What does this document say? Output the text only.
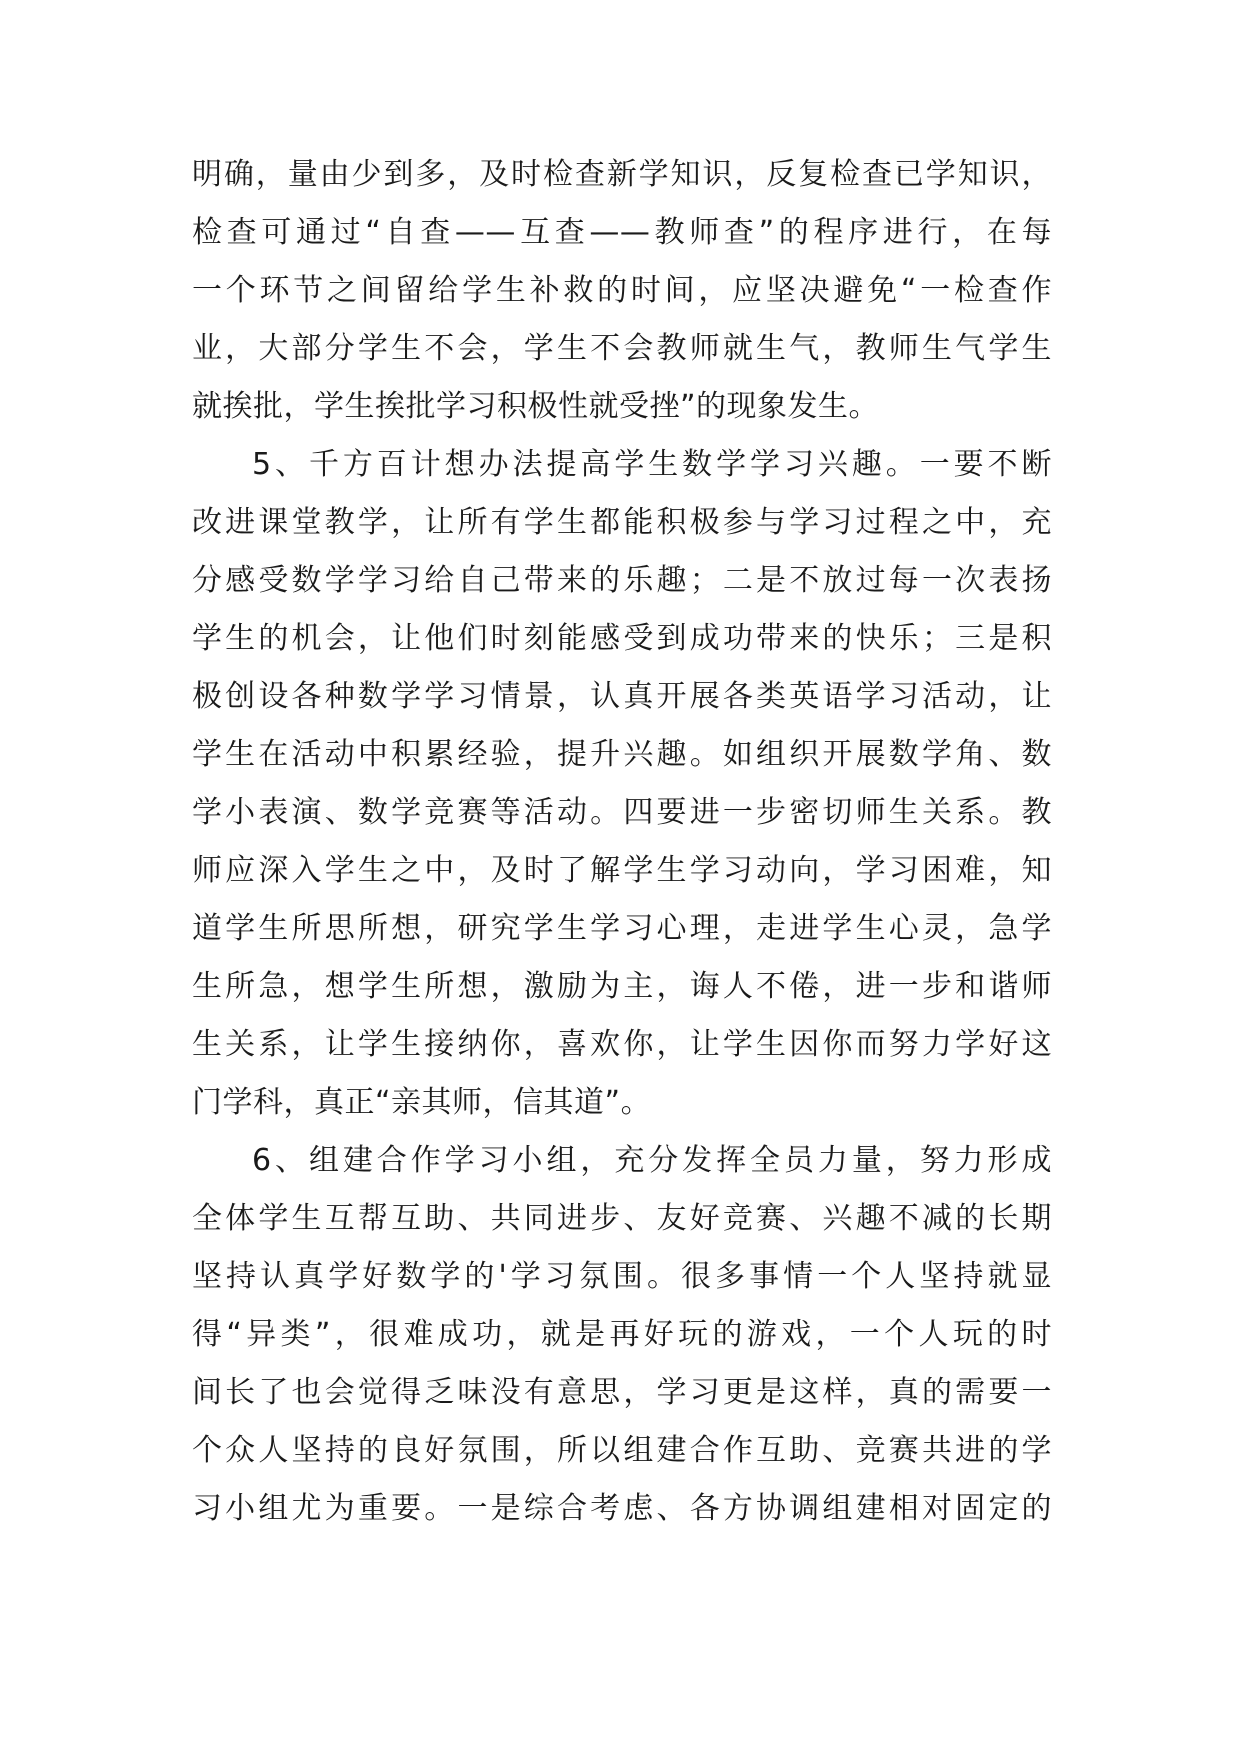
明确，量由少到多，及时检查新学知识，反复检查已学知识，
检查可通过“自查——互查——教师查”的程序进行，在每
一个环节之间留给学生补救的时间，应坚决避免“一检查作
业，大部分学生不会，学生不会教师就生气，教师生气学生
就挨批，学生挨批学习积极性就受挫”的现象发生。
5、千方百计想办法提高学生数学学习兴趣。一要不断
改进课堂教学，让所有学生都能积极参与学习过程之中，充
分感受数学学习给自己带来的乐趣；二是不放过每一次表扬
学生的机会，让他们时刻能感受到成功带来的快乐；三是积
极创设各种数学学习情景，认真开展各类英语学习活动，让
学生在活动中积累经验，提升兴趣。如组织开展数学角、数
学小表演、数学竞赛等活动。四要进一步密切师生关系。教
师应深入学生之中，及时了解学生学习动向，学习困难，知
道学生所思所想，研究学生学习心理，走进学生心灵，急学
生所急，想学生所想，激励为主，诲人不倦，进一步和谐师
生关系，让学生接纳你，喜欢你，让学生因你而努力学好这
门学科，真正“亲其师，信其道”。
6、组建合作学习小组，充分发挥全员力量，努力形成
全体学生互帮互助、共同进步、友好竞赛、兴趣不减的长期
坚持认真学好数学的'学习氛围。很多事情一个人坚持就显
得“异类”，很难成功，就是再好玩的游戏，一个人玩的时
间长了也会觉得乏味没有意思，学习更是这样，真的需要一
个众人坚持的良好氛围，所以组建合作互助、竞赛共进的学
习小组尤为重要。一是综合考虑、各方协调组建相对固定的
